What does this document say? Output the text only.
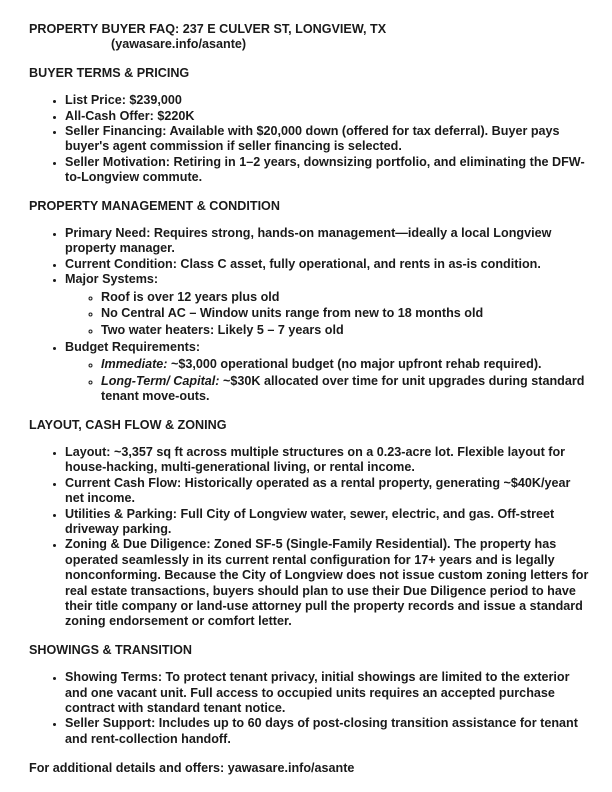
PROPERTY BUYER FAQ: 237 E CULVER ST, LONGVIEW, TX

(yawasare.info/asante)

BUYER TERMS & PRICING

• List Price: $239,000
• All-Cash Offer: $220K
• Seller Financing: Available with $20,000 down (offered for tax deferral). Buyer pays buyer's agent commission if seller financing is selected.
• Seller Motivation: Retiring in 1–2 years, downsizing portfolio, and eliminating the DFW-to-Longview commute.

PROPERTY MANAGEMENT & CONDITION

• Primary Need: Requires strong, hands-on management—ideally a local Longview property manager.
• Current Condition: Class C asset, fully operational, and rents in as-is condition.
• Major Systems:
◦ Roof is over 12 years plus old
◦ No Central AC – Window units range from new to 18 months old
◦ Two water heaters: Likely 5 – 7 years old
• Budget Requirements:
◦ Immediate: ~$3,000 operational budget (no major upfront rehab required).
◦ Long-Term/ Capital: ~$30K allocated over time for unit upgrades during standard tenant move-outs.

LAYOUT, CASH FLOW & ZONING

• Layout: ~3,357 sq ft across multiple structures on a 0.23-acre lot. Flexible layout for house-hacking, multi-generational living, or rental income.
• Current Cash Flow: Historically operated as a rental property, generating ~$40K/year net income.
• Utilities & Parking: Full City of Longview water, sewer, electric, and gas. Off-street driveway parking.
• Zoning & Due Diligence: Zoned SF-5 (Single-Family Residential). The property has operated seamlessly in its current rental configuration for 17+ years and is legally nonconforming. Because the City of Longview does not issue custom zoning letters for real estate transactions, buyers should plan to use their Due Diligence period to have their title company or land-use attorney pull the property records and issue a standard zoning endorsement or comfort letter.

SHOWINGS & TRANSITION

• Showing Terms: To protect tenant privacy, initial showings are limited to the exterior and one vacant unit. Full access to occupied units requires an accepted purchase contract with standard tenant notice.
• Seller Support: Includes up to 60 days of post-closing transition assistance for tenant and rent-collection handoff.

For additional details and offers: yawasare.info/asante
